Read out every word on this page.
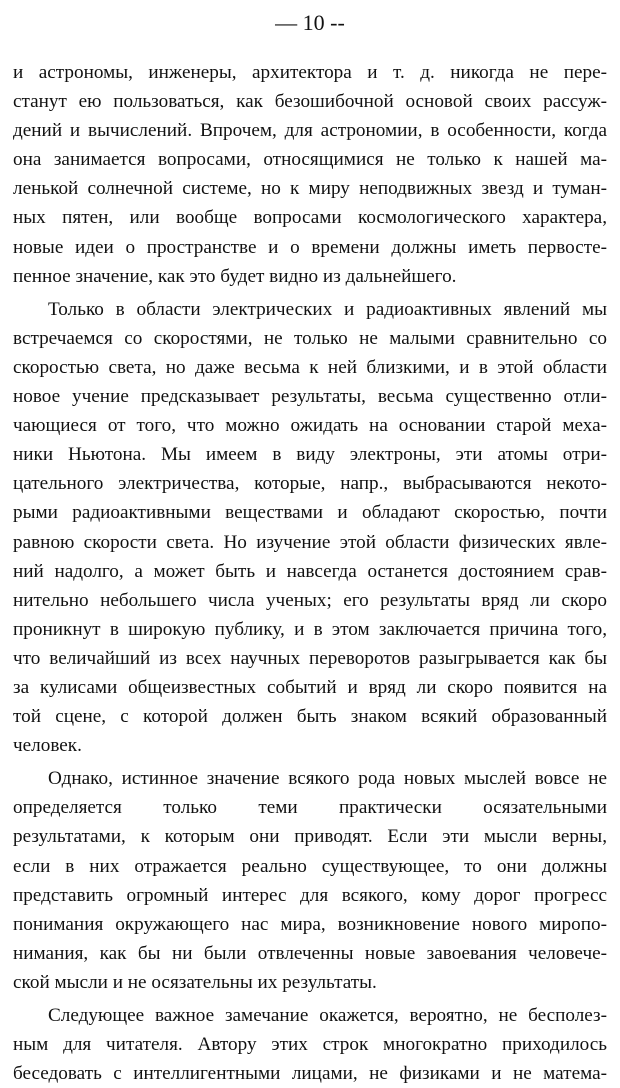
— 10 --
и астрономы, инженеры, архитектора и т. д. никогда не пере-
станут ею пользоваться, как безошибочной основой своих рассуж-
дений и вычислений. Впрочем, для астрономии, в особенности, когда
она занимается вопросами, относящимися не только к нашей ма-
ленькой солнечной системе, но к миру неподвижных звезд и туман-
ных пятен, или вообще вопросами космологического характера,
новые идеи о пространстве и о времени должны иметь первосте-
пенное значение, как это будет видно из дальнейшего.
Только в области электрических и радиоактивных явлений мы
встречаемся со скоростями, не только не малыми сравнительно со
скоростью света, но даже весьма к ней близкими, и в этой области
новое учение предсказывает результаты, весьма существенно отли-
чающиеся от того, что можно ожидать на основании старой меха-
ники Ньютона. Мы имеем в виду электроны, эти атомы отри-
цательного электричества, которые, напр., выбрасываются некото-
рыми радиоактивными веществами и обладают скоростью, почти
равною скорости света. Но изучение этой области физических явле-
ний надолго, а может быть и навсегда останется достоянием срав-
нительно небольшего числа ученых; его результаты вряд ли скоро
проникнут в широкую публику, и в этом заключается причина того,
что величайший из всех научных переворотов разыгрывается как бы
за кулисами общеизвестных событий и вряд ли скоро появится на
той сцене, с которой должен быть знаком всякий образованный
человек.
Однако, истинное значение всякого рода новых мыслей вовсе не
определяется только теми практически осязательными
результатами, к которым они приводят. Если эти мысли верны,
если в них отражается реально существующее, то они должны
представить огромный интерес для всякого, кому дорог прогресс
понимания окружающего нас мира, возникновение нового миропо-
нимания, как бы ни были отвлеченны новые завоевания человече-
ской мысли и не осязательны их результаты.
Следующее важное замечание окажется, вероятно, не бесполез-
ным для читателя. Автору этих строк многократно приходилось
беседовать с интеллигентными лицами, не физиками и не матема-
